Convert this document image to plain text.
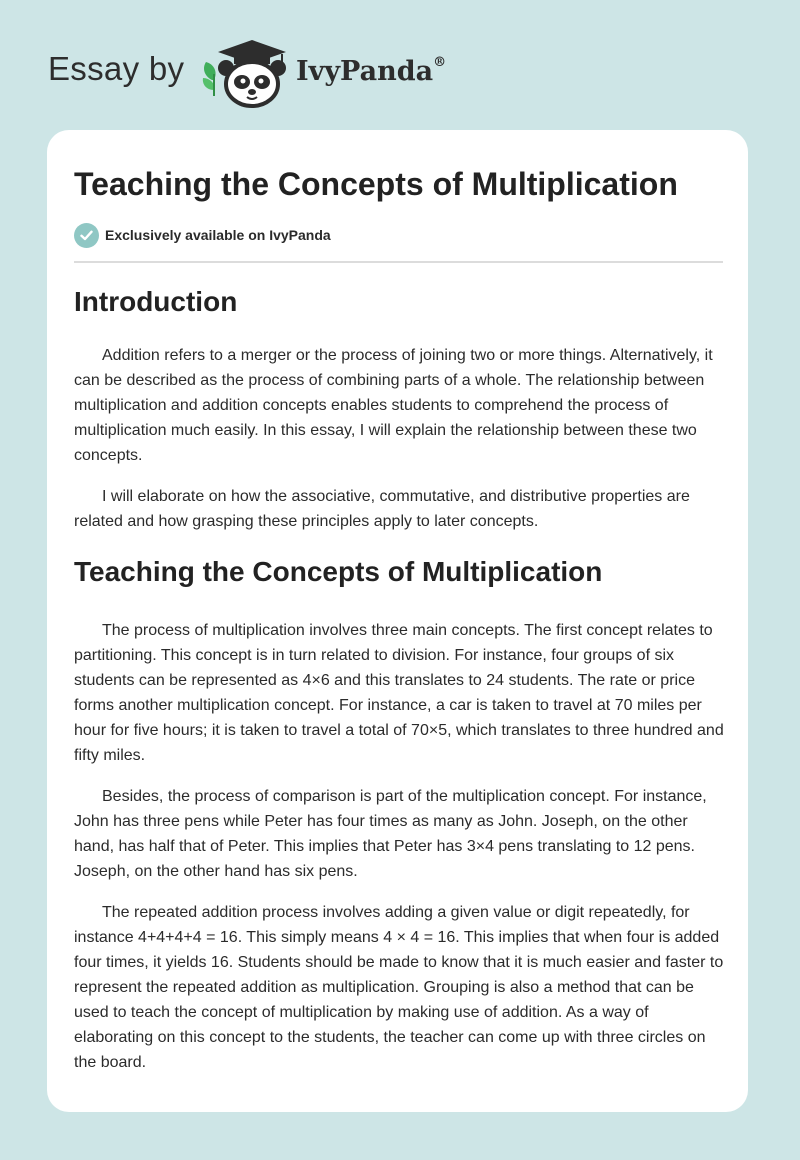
Essay by	IvyPanda®
Teaching the Concepts of Multiplication
Exclusively available on IvyPanda
Introduction

Addition refers to a merger or the process of joining two or more things. Alternatively, it can be described as the process of combining parts of a whole. The relationship between multiplication and addition concepts enables students to comprehend the process of multiplication much easily. In this essay, I will explain the relationship between these two concepts.

I will elaborate on how the associative, commutative, and distributive properties are related and how grasping these principles apply to later concepts.

Teaching the Concepts of Multiplication

The process of multiplication involves three main concepts. The first concept relates to partitioning. This concept is in turn related to division. For instance, four groups of six students can be represented as 4×6 and this translates to 24 students. The rate or price forms another multiplication concept. For instance, a car is taken to travel at 70 miles per hour for five hours; it is taken to travel a total of 70×5, which translates to three hundred and fifty miles.

Besides, the process of comparison is part of the multiplication concept. For instance, John has three pens while Peter has four times as many as John. Joseph, on the other hand, has half that of Peter. This implies that Peter has 3×4 pens translating to 12 pens. Joseph, on the other hand has six pens.

The repeated addition process involves adding a given value or digit repeatedly, for instance 4+4+4+4 = 16. This simply means 4 × 4 = 16. This implies that when four is added four times, it yields 16. Students should be made to know that it is much easier and faster to represent the repeated addition as multiplication. Grouping is also a method that can be used to teach the concept of multiplication by making use of addition. As a way of elaborating on this concept to the students, the teacher can come up with three circles on the board.
